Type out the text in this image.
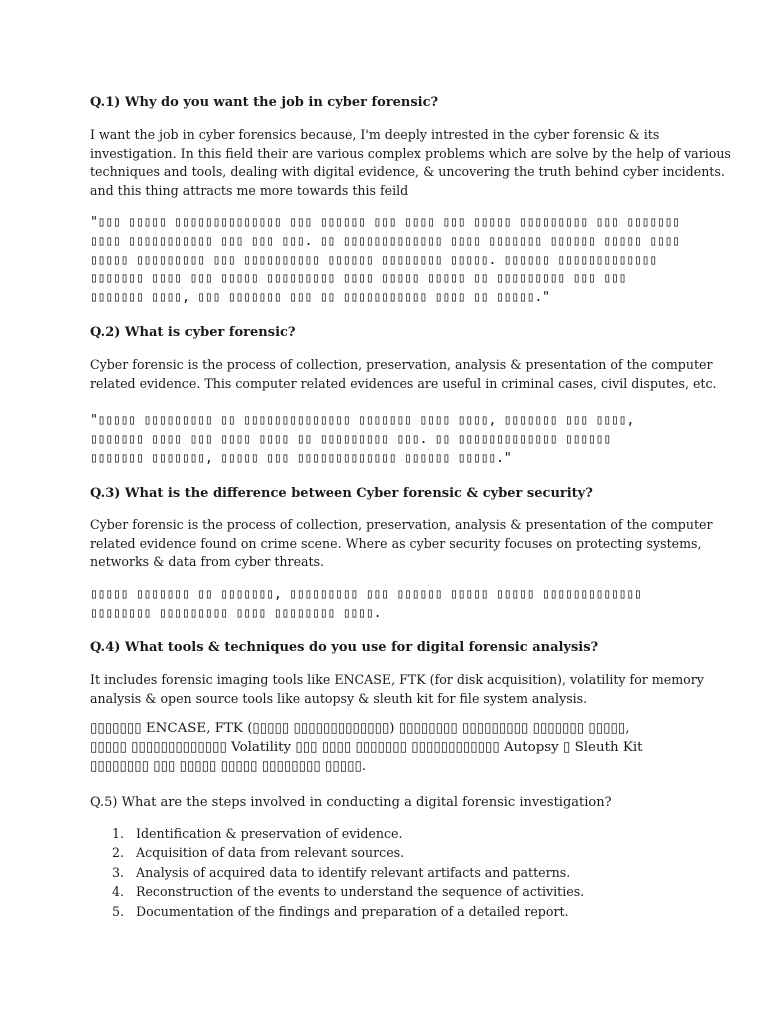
Q.1) Why do you want the job in cyber forensic?
I want the job in cyber forensics because, I'm deeply intrested in the cyber forensic & its
investigation. In this field their are various complex problems which are solve by the help of various
techniques and tools, dealing with digital evidence, & uncovering the truth behind cyber incidents.
and this thing attracts me more towards this feild
"▯▯▯ ▯▯▯▯▯ ▯▯▯▯▯▯▯▯▯▯▯▯▯▯ ▯▯▯ ▯▯▯▯▯▯ ▯▯▯ ▯▯▯▯ ▯▯▯ ▯▯▯▯▯ ▯▯▯▯▯▯▯▯▯ ▯▯▯ ▯▯▯▯▯▯▯
▯▯▯▯ ▯▯▯▯▯▯▯▯▯▯▯ ▯▯▯ ▯▯▯ ▯▯▯. ▯▯ ▯▯▯▯▯▯▯▯▯▯▯▯▯ ▯▯▯▯ ▯▯▯▯▯▯▯ ▯▯▯▯▯▯ ▯▯▯▯▯ ▯▯▯▯
▯▯▯▯▯ ▯▯▯▯▯▯▯▯▯ ▯▯▯ ▯▯▯▯▯▯▯▯▯▯ ▯▯▯▯▯▯ ▯▯▯▯▯▯▯▯ ▯▯▯▯▯. ▯▯▯▯▯▯ ▯▯▯▯▯▯▯▯▯▯▯▯▯
▯▯▯▯▯▯▯ ▯▯▯▯ ▯▯▯ ▯▯▯▯▯ ▯▯▯▯▯▯▯▯▯ ▯▯▯▯ ▯▯▯▯▯ ▯▯▯▯▯ ▯▯ ▯▯▯▯▯▯▯▯▯ ▯▯▯ ▯▯▯
▯▯▯▯▯▯▯ ▯▯▯▯, ▯▯▯ ▯▯▯▯▯▯▯ ▯▯▯ ▯▯ ▯▯▯▯▯▯▯▯▯▯▯ ▯▯▯▯ ▯▯ ▯▯▯▯▯."
Q.2) What is cyber forensic?
Cyber forensic is the process of collection, preservation, analysis & presentation of the computer
related evidence. This computer related evidences are useful in criminal cases, civil disputes, etc.
"▯▯▯▯▯ ▯▯▯▯▯▯▯▯▯ ▯▯ ▯▯▯▯▯▯▯▯▯▯▯▯▯▯ ▯▯▯▯▯▯▯ ▯▯▯▯ ▯▯▯▯, ▯▯▯▯▯▯▯ ▯▯▯ ▯▯▯▯,
▯▯▯▯▯▯▯ ▯▯▯▯ ▯▯▯ ▯▯▯▯ ▯▯▯▯ ▯▯ ▯▯▯▯▯▯▯▯▯ ▯▯▯. ▯▯ ▯▯▯▯▯▯▯▯▯▯▯▯▯ ▯▯▯▯▯▯
▯▯▯▯▯▯▯ ▯▯▯▯▯▯▯, ▯▯▯▯▯ ▯▯▯ ▯▯▯▯▯▯▯▯▯▯▯▯▯ ▯▯▯▯▯▯ ▯▯▯▯▯."
Q.3) What is the difference between Cyber forensic & cyber security?
Cyber forensic is the process of collection, preservation, analysis & presentation of the computer
related evidence found on crime scene. Where as cyber security focuses on protecting systems,
networks & data from cyber threats.
▯▯▯▯▯ ▯▯▯▯▯▯▯ ▯▯ ▯▯▯▯▯▯▯, ▯▯▯▯▯▯▯▯▯ ▯▯▯ ▯▯▯▯▯▯ ▯▯▯▯▯ ▯▯▯▯▯ ▯▯▯▯▯▯▯▯▯▯▯▯▯
▯▯▯▯▯▯▯▯ ▯▯▯▯▯▯▯▯▯ ▯▯▯▯ ▯▯▯▯▯▯▯▯ ▯▯▯▯.
Q.4) What tools & techniques do you use for digital forensic analysis?
It includes forensic imaging tools like ENCASE, FTK (for disk acquisition), volatility for memory
analysis & open source tools like autopsy & sleuth kit for file system analysis.
▯▯▯▯▯▯▯ ENCASE, FTK (▯▯▯▯▯ ▯▯▯▯▯▯▯▯▯▯▯▯▯) ▯▯▯▯▯▯▯▯ ▯▯▯▯▯▯▯▯▯ ▯▯▯▯▯▯▯ ▯▯▯▯▯,
▯▯▯▯▯ ▯▯▯▯▯▯▯▯▯▯▯▯▯ Volatility ▯▯▯ ▯▯▯▯ ▯▯▯▯▯▯▯ ▯▯▯▯▯▯▯▯▯▯▯▯ Autopsy ▯ Sleuth Kit
▯▯▯▯▯▯▯▯ ▯▯▯ ▯▯▯▯▯ ▯▯▯▯▯ ▯▯▯▯▯▯▯▯ ▯▯▯▯▯.
Q.5) What are the steps involved in conducting a digital forensic investigation?
1. Identification & preservation of evidence.
2. Acquisition of data from relevant sources.
3. Analysis of acquired data to identify relevant artifacts and patterns.
4. Reconstruction of the events to understand the sequence of activities.
5. Documentation of the findings and preparation of a detailed report.
